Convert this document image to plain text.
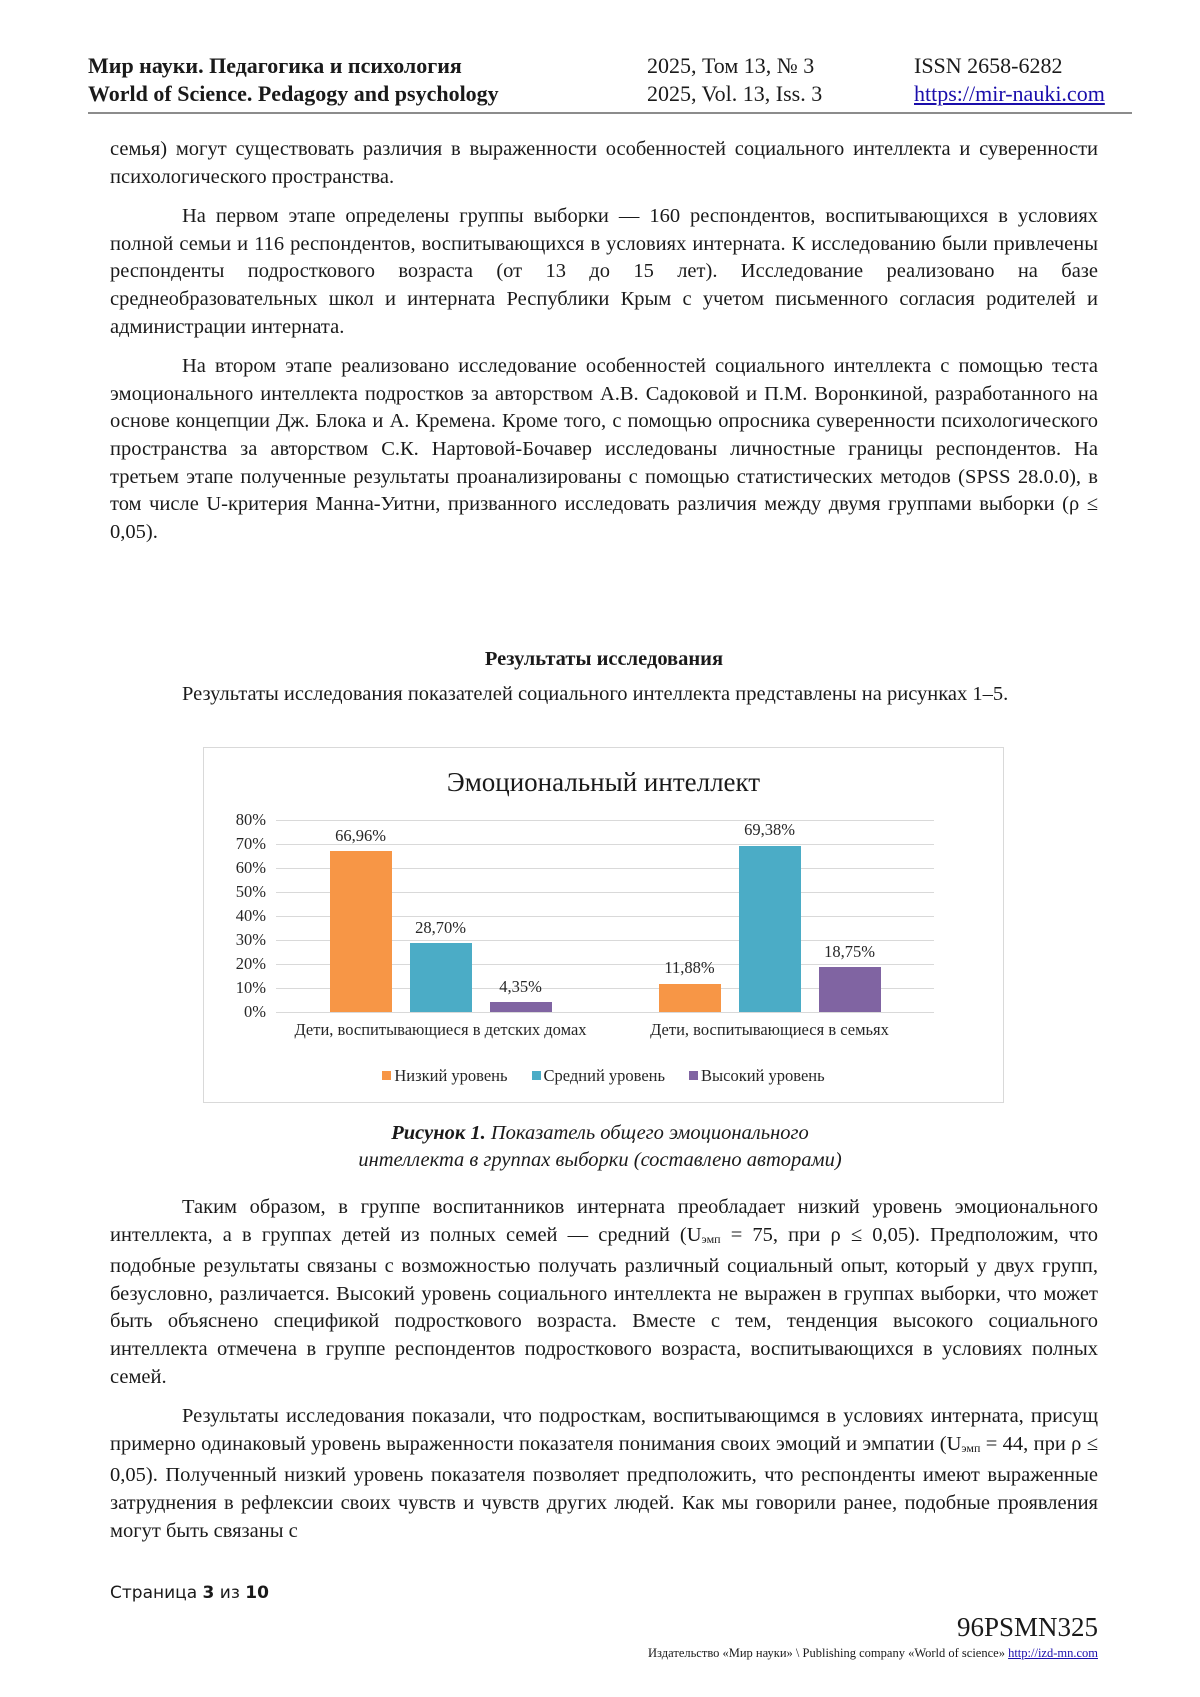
Мир науки. Педагогика и психология	2025, Том 13, № 3	ISSN 2658-6282
World of Science. Pedagogy and psychology	2025, Vol. 13, Iss. 3	https://mir-nauki.com

семья) могут существовать различия в выраженности особенностей социального интеллекта и суверенности психологического пространства.

На первом этапе определены группы выборки — 160 респондентов, воспитывающихся в условиях полной семьи и 116 респондентов, воспитывающихся в условиях интерната. К исследованию были привлечены респонденты подросткового возраста (от 13 до 15 лет). Исследование реализовано на базе среднеобразовательных школ и интерната Республики Крым с учетом письменного согласия родителей и администрации интерната.

На втором этапе реализовано исследование особенностей социального интеллекта с помощью теста эмоционального интеллекта подростков за авторством А.В. Садоковой и П.М. Воронкиной, разработанного на основе концепции Дж. Блока и А. Кремена. Кроме того, с помощью опросника суверенности психологического пространства за авторством С.К. Нартовой-Бочавер исследованы личностные границы респондентов. На третьем этапе полученные результаты проанализированы с помощью статистических методов (SPSS 28.0.0), в том числе U-критерия Манна-Уитни, призванного исследовать различия между двумя группами выборки (ρ ≤ 0,05).

Результаты исследования

Результаты исследования показателей социального интеллекта представлены на рисунках 1–5.

Эмоциональный интеллект
0%
10%
20%
30%
40%
50%
60%
70%
80%
66,96%
28,70%
4,35%
Дети, воспитывающиеся в детских домах
11,88%
69,38%
18,75%
Дети, воспитывающиеся в семьях
Низкий уровень Средний уровень Высокий уровень
Рисунок 1. Показатель общего эмоционального
интеллекта в группах выборки (составлено авторами)

Таким образом, в группе воспитанников интерната преобладает низкий уровень эмоционального интеллекта, а в группах детей из полных семей — средний ($U_{эмп} = 75$, при ρ ≤ 0,05). Предположим, что подобные результаты связаны с возможностью получать различный социальный опыт, который у двух групп, безусловно, различается. Высокий уровень социального интеллекта не выражен в группах выборки, что может быть объяснено спецификой подросткового возраста. Вместе с тем, тенденция высокого социального интеллекта отмечена в группе респондентов подросткового возраста, воспитывающихся в условиях полных семей.

Результаты исследования показали, что подросткам, воспитывающимся в условиях интерната, присущ примерно одинаковый уровень выраженности показателя понимания своих эмоций и эмпатии ($U_{эмп} = 44$, при ρ ≤ 0,05). Полученный низкий уровень показателя позволяет предположить, что респонденты имеют выраженные затруднения в рефлексии своих чувств и чувств других людей. Как мы говорили ранее, подобные проявления могут быть связаны с

Страница 3 из 10
96PSMN325
Издательство «Мир науки» \ Publishing company «World of science» http://izd-mn.com
